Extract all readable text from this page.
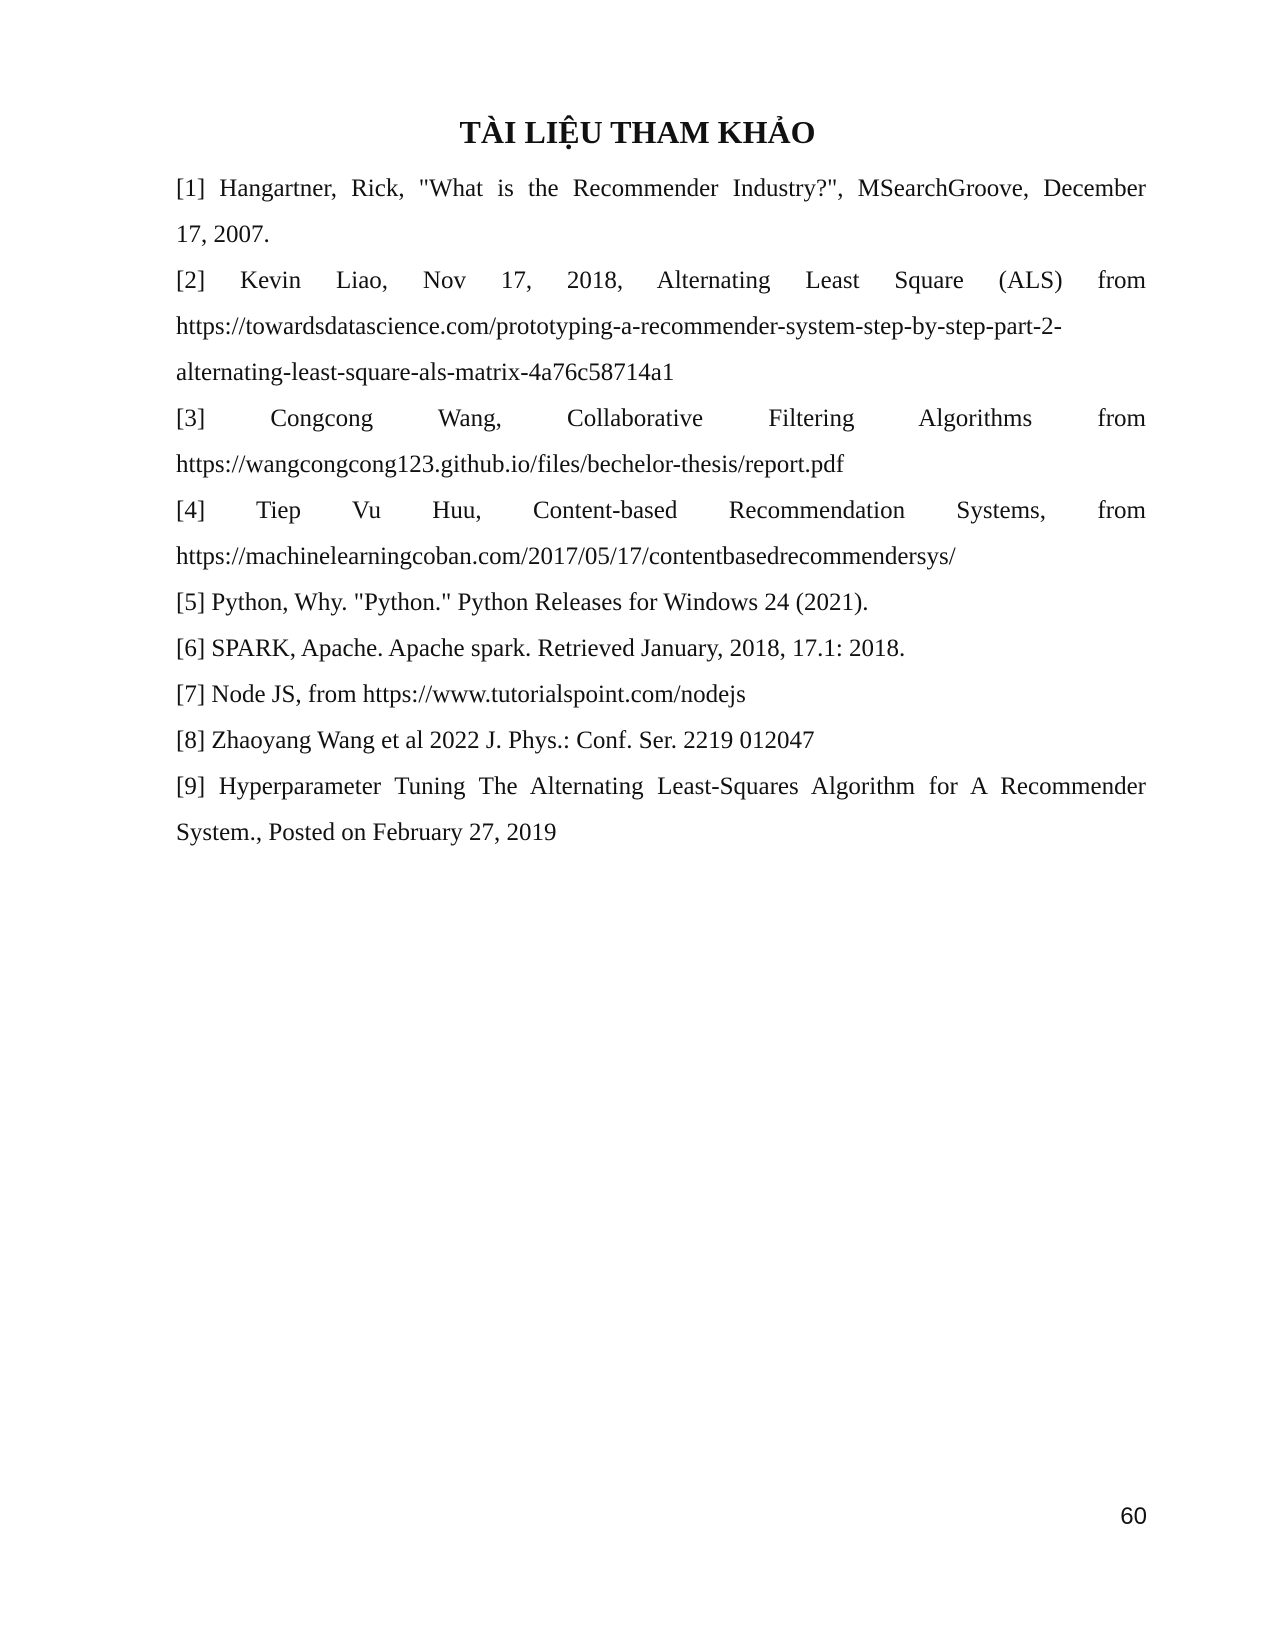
TÀI LIỆU THAM KHẢO
[1] Hangartner, Rick, "What is the Recommender Industry?", MSearchGroove, December
17, 2007.
[2] Kevin Liao, Nov 17, 2018, Alternating Least Square (ALS) from
https://towardsdatascience.com/prototyping-a-recommender-system-step-by-step-part-2-
alternating-least-square-als-matrix-4a76c58714a1
[3] Congcong Wang, Collaborative Filtering Algorithms from
https://wangcongcong123.github.io/files/bechelor-thesis/report.pdf
[4] Tiep Vu Huu, Content-based Recommendation Systems, from
https://machinelearningcoban.com/2017/05/17/contentbasedrecommendersys/
[5] Python, Why. "Python." Python Releases for Windows 24 (2021).
[6] SPARK, Apache. Apache spark. Retrieved January, 2018, 17.1: 2018.
[7] Node JS, from https://www.tutorialspoint.com/nodejs
[8] Zhaoyang Wang et al 2022 J. Phys.: Conf. Ser. 2219 012047
[9] Hyperparameter Tuning The Alternating Least-Squares Algorithm for A Recommender
System., Posted on February 27, 2019
60
